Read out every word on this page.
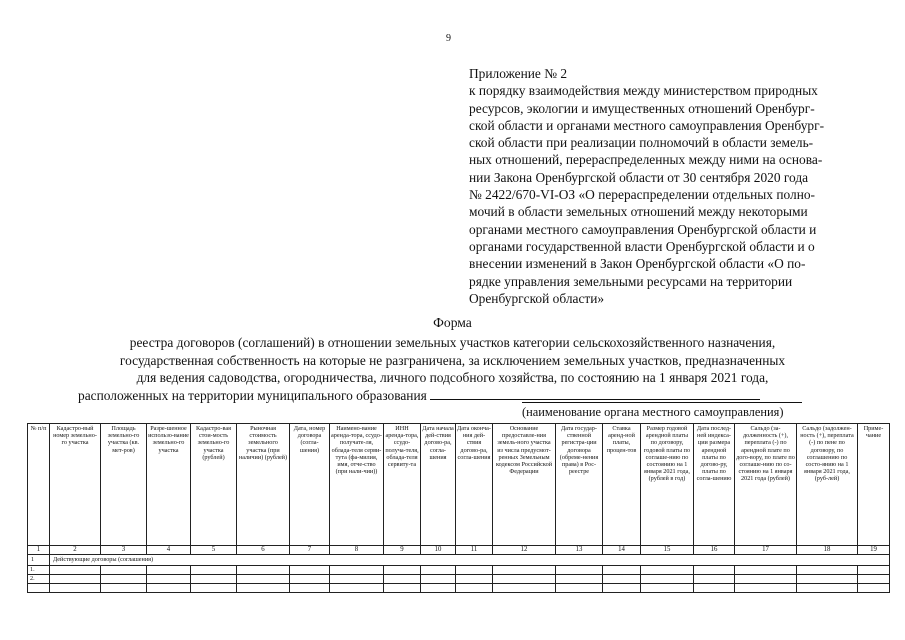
9
Приложение № 2
к порядку взаимодействия между министерством природных
ресурсов, экологии и имущественных отношений Оренбург-
ской области и органами местного самоуправления Оренбург-
ской области при реализации полномочий в области земель-
ных отношений, перераспределенных между ними на основа-
нии Закона Оренбургской области от 30 сентября 2020 года
№ 2422/670-VI-ОЗ «О перераспределении отдельных полно-
мочий в области земельных отношений между некоторыми
органами местного самоуправления Оренбургской области и
органами государственной власти Оренбургской области и о
внесении изменений в Закон Оренбургской области «О по-
рядке управления земельными ресурсами на территории
Оренбургской области»
Форма
реестра договоров (соглашений) в отношении земельных участков категории сельскохозяйственного назначения,
государственная собственность на которые не разграничена, за исключением земельных участков, предназначенных
для ведения садоводства, огородничества, личного подсобного хозяйства, по состоянию на 1 января 2021 года,
расположенных на территории муниципального образования
(наименование органа местного самоуправления)
№ п/п	Кадастро-вый номер земельно-го участка	Площадь земельно-го участка (кв. мет-ров)	Разре-шенное использо-вание земельно-го участка	Кадастро-вая стои-мость земельно-го участка (рублей)	Рыночная стоимость земельного участка (при наличии) (рублей)	Дата, номер договора (согла-шения)	Наимено-вание аренда-тора, ссудо-получате-ля, облада-теля серви-тута (фа-милия, имя, отче-ство (при нали-чии))	ИНН аренда-тора, ссудо-получа-теля, облада-теля сервиту-та	Дата начала дей-ствия догово-ра, согла-шения	Дата оконча-ния дей-ствия догово-ра, согла-шения	Основание предоставле-ния земель-ного участка из числа предусмот-ренных Земельным кодексом Российской Федерации	Дата государ-ственной регистра-ции договора (обреме-нения права) в Рос-реестре	Ставка аренд-ной платы, процен-тов	Размер годовой арендной платы по договору, годовой платы по соглаше-нию по состоянию на 1 января 2021 года, (рублей в год)	Дата послед-ней индекса-ции размера арендной платы по догово-ру, платы по согла-шению	Сальдо (за-долженность (+), переплата (-) по арендной плате по дого-вору, по плате по соглаше-нию по со-стоянию на 1 января 2021 года (рублей)	Сальдо (задолжен-ность (+), переплата (-) по пене по договору, по соглашению по состо-янию на 1 января 2021 года, (руб-лей)	Приме-чание
1	2	3	4	5	6	7	8	9	10	11	12	13	14	15	16	17	18	19
1	Действующие договоры (соглашения)																	
1.																		
2.																		
